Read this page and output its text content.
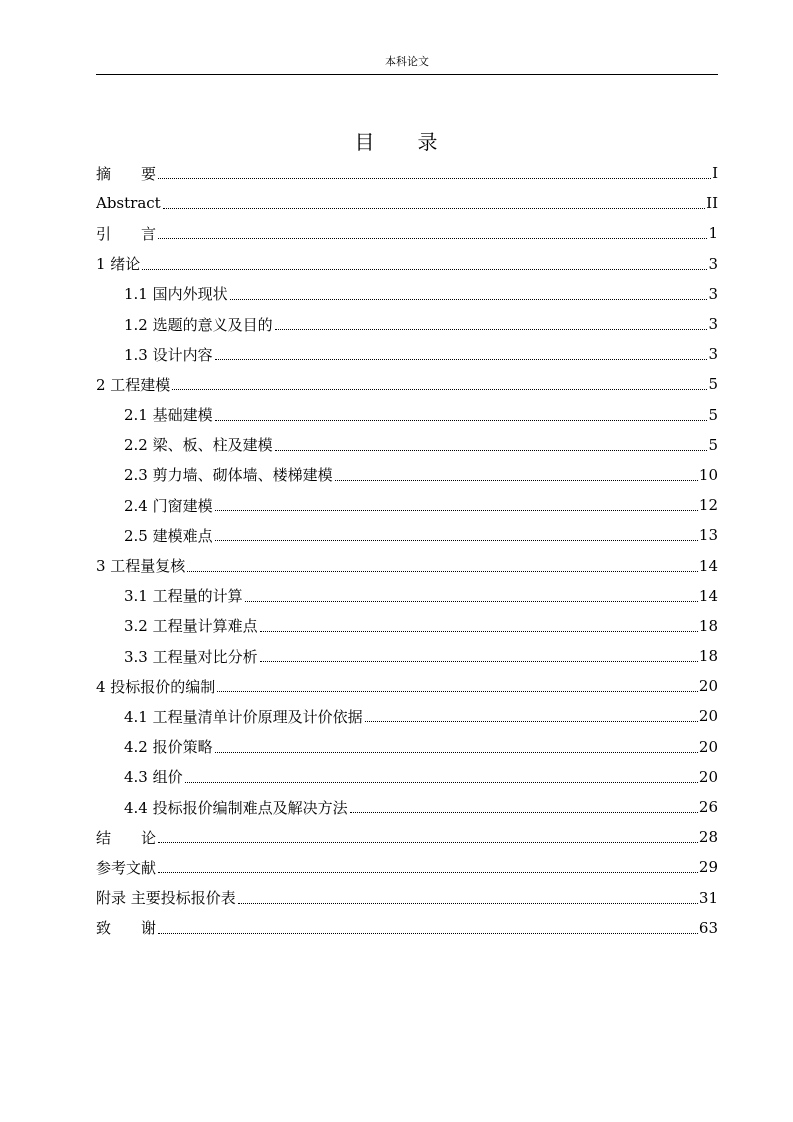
本科论文
目　　录
摘　　要	I
Abstract	II
引　　言	1
1 绪论	3
1.1 国内外现状	3
1.2 选题的意义及目的	3
1.3 设计内容	3
2 工程建模	5
2.1 基础建模	5
2.2 梁、板、柱及建模	5
2.3 剪力墙、砌体墙、楼梯建模	10
2.4 门窗建模	12
2.5 建模难点	13
3 工程量复核	14
3.1 工程量的计算	14
3.2 工程量计算难点	18
3.3 工程量对比分析	18
4 投标报价的编制	20
4.1 工程量清单计价原理及计价依据	20
4.2 报价策略	20
4.3 组价	20
4.4 投标报价编制难点及解决方法	26
结　　论	28
参考文献	29
附录 主要投标报价表	31
致　　谢	63
